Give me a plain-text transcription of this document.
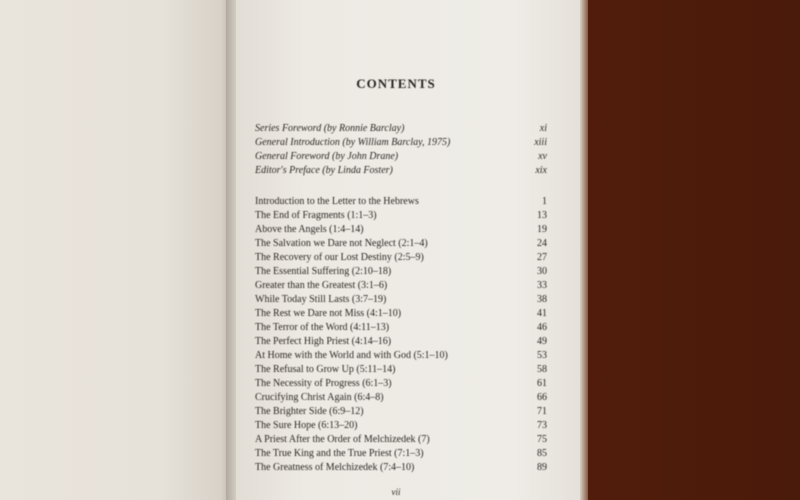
CONTENTS
Series Foreword (by Ronnie Barclay)	xi
General Introduction (by William Barclay, 1975)	xiii
General Foreword (by John Drane)	xv
Editor's Preface (by Linda Foster)	xix
Introduction to the Letter to the Hebrews	1
The End of Fragments (1:1–3)	13
Above the Angels (1:4–14)	19
The Salvation we Dare not Neglect (2:1–4)	24
The Recovery of our Lost Destiny (2:5–9)	27
The Essential Suffering (2:10–18)	30
Greater than the Greatest (3:1–6)	33
While Today Still Lasts (3:7–19)	38
The Rest we Dare not Miss (4:1–10)	41
The Terror of the Word (4:11–13)	46
The Perfect High Priest (4:14–16)	49
At Home with the World and with God (5:1–10)	53
The Refusal to Grow Up (5:11–14)	58
The Necessity of Progress (6:1–3)	61
Crucifying Christ Again (6:4–8)	66
The Brighter Side (6:9–12)	71
The Sure Hope (6:13–20)	73
A Priest After the Order of Melchizedek (7)	75
The True King and the True Priest (7:1–3)	85
The Greatness of Melchizedek (7:4–10)	89
vii
